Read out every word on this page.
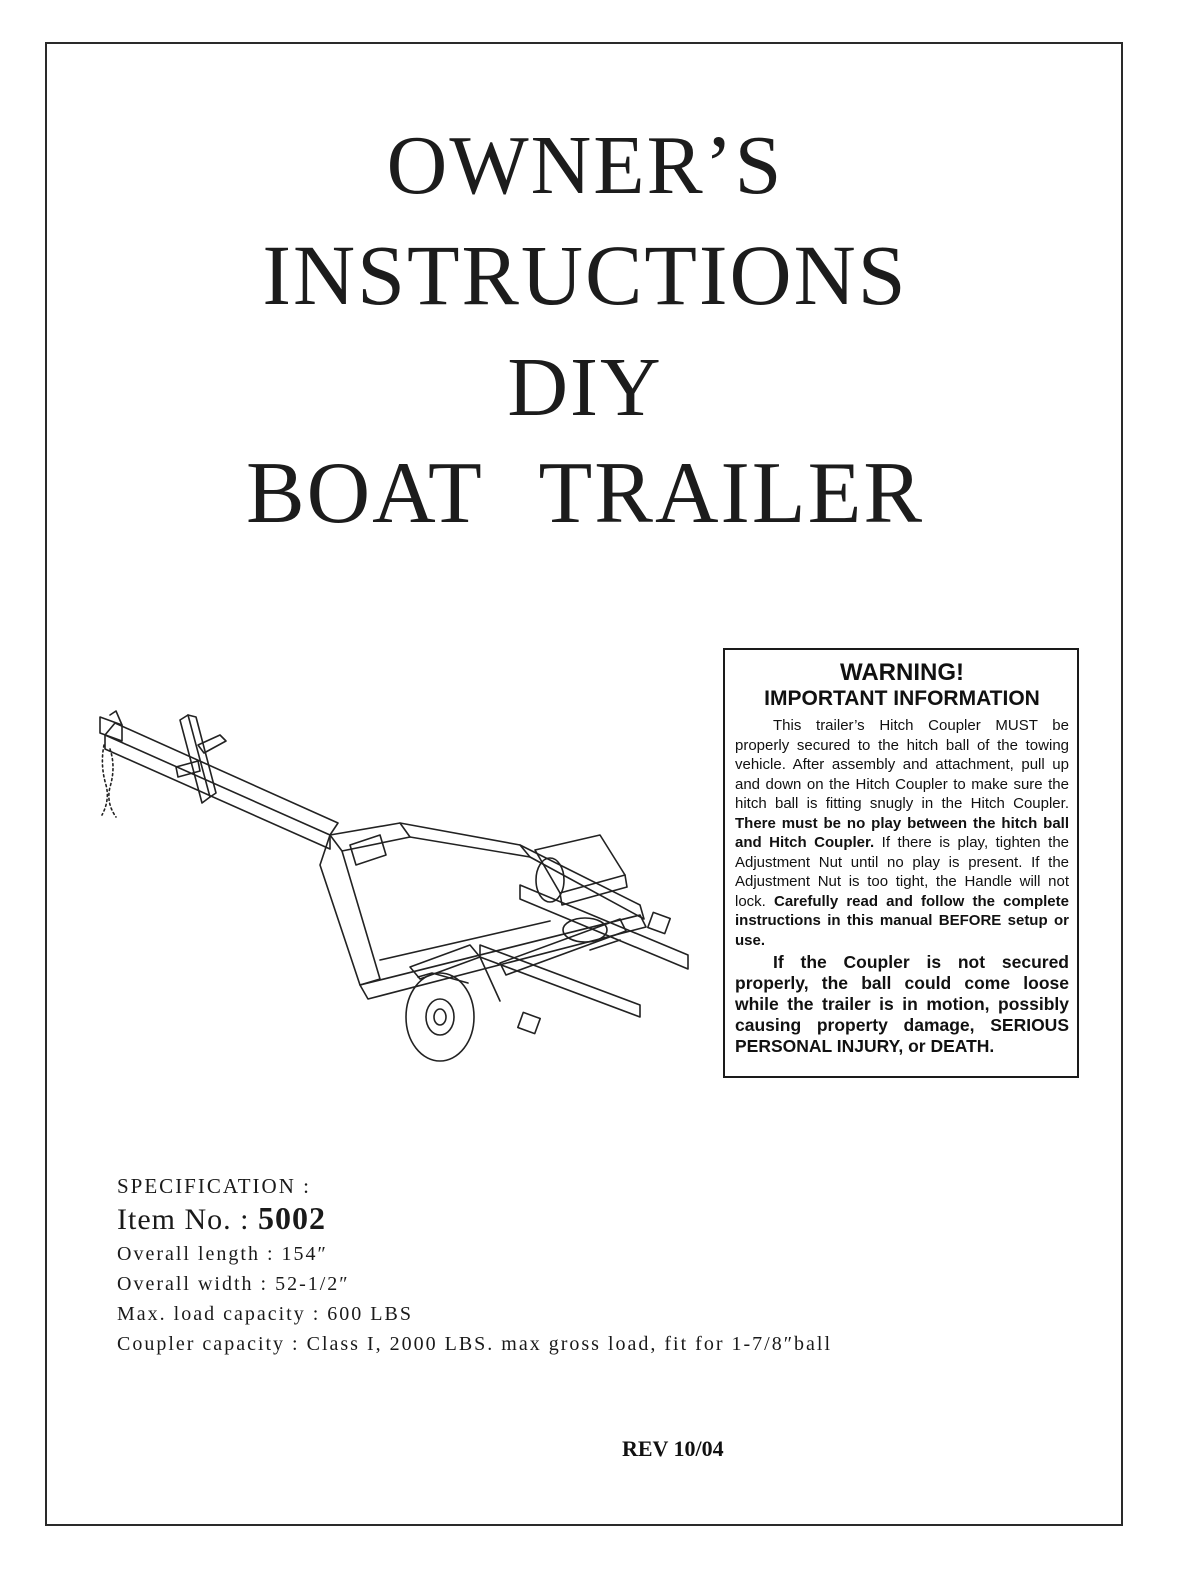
OWNER’S
INSTRUCTIONS
DIY
BOAT TRAILER
WARNING!
IMPORTANT INFORMATION

This trailer’s Hitch Coupler MUST be properly secured to the hitch ball of the towing vehicle. After assembly and attachment, pull up and down on the Hitch Coupler to make sure the hitch ball is fitting snugly in the Hitch Coupler. There must be no play between the hitch ball and Hitch Coupler. If there is play, tighten the Adjustment Nut until no play is present. If the Adjustment Nut is too tight, the Handle will not lock. Carefully read and follow the complete instructions in this manual BEFORE setup or use.

If the Coupler is not secured properly, the ball could come loose while the trailer is in motion, possibly causing property damage, SERIOUS PERSONAL INJURY, or DEATH.

SPECIFICATION :
Item No. : 5002
Overall length : 154″
Overall width : 52-1/2″
Max. load capacity : 600 LBS
Coupler capacity : Class I, 2000 LBS. max gross load, fit for 1-7/8″ball
REV 10/04
